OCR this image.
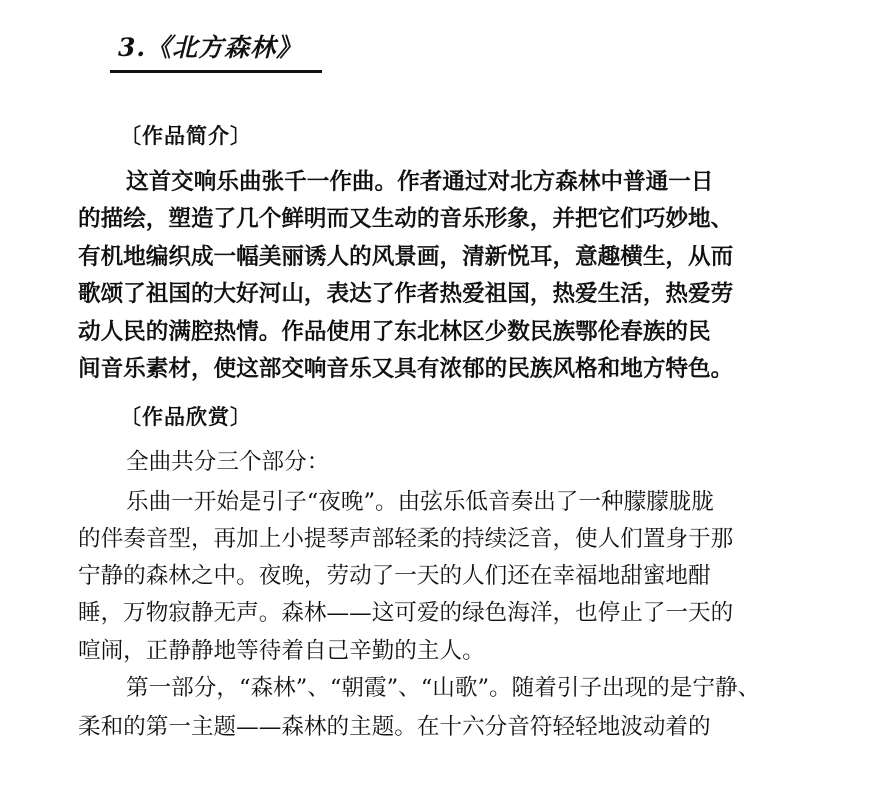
3.《北方森林》
〔作品简介〕
这首交响乐曲张千一作曲。作者通过对北方森林中普通一日
的描绘，塑造了几个鲜明而又生动的音乐形象，并把它们巧妙地、
有机地编织成一幅美丽诱人的风景画，清新悦耳，意趣横生，从而
歌颂了祖国的大好河山，表达了作者热爱祖国，热爱生活，热爱劳
动人民的满腔热情。作品使用了东北林区少数民族鄂伦春族的民
间音乐素材，使这部交响音乐又具有浓郁的民族风格和地方特色。
〔作品欣赏〕
全曲共分三个部分：
乐曲一开始是引子“夜晚”。由弦乐低音奏出了一种朦朦胧胧
的伴奏音型，再加上小提琴声部轻柔的持续泛音，使人们置身于那
宁静的森林之中。夜晚，劳动了一天的人们还在幸福地甜蜜地酣
睡，万物寂静无声。森林——这可爱的绿色海洋，也停止了一天的
喧闹，正静静地等待着自己辛勤的主人。
第一部分，“森林”、“朝霞”、“山歌”。随着引子出现的是宁静、
柔和的第一主题——森林的主题。在十六分音符轻轻地波动着的
